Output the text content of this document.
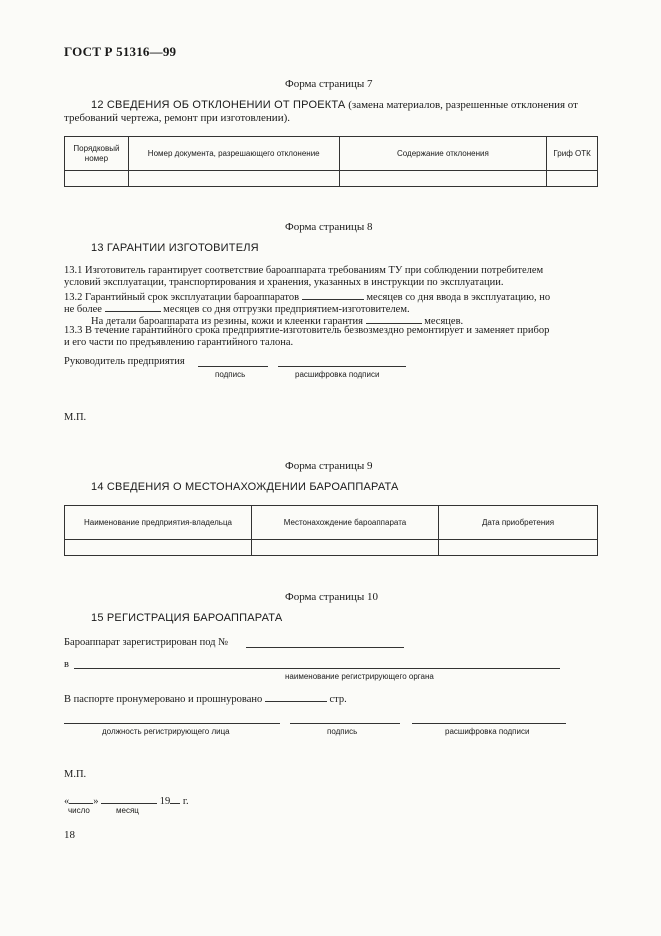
ГОСТ Р 51316—99
Форма страницы 7
12 СВЕДЕНИЯ ОБ ОТКЛОНЕНИИ ОТ ПРОЕКТА (замена материалов, разрешенные отклонения от
требований чертежа, ремонт при изготовлении).
Порядковый номер	Номер документа, разрешающего отклонение	Содержание отклонения	Гриф ОТК

Форма страницы 8
13 ГАРАНТИИ ИЗГОТОВИТЕЛЯ
13.1 Изготовитель гарантирует соответствие бароаппарата требованиям ТУ при соблюдении потребителем
условий эксплуатации, транспортирования и хранения, указанных в инструкции по эксплуатации.
13.2 Гарантийный срок эксплуатации бароаппаратов	месяцев со дня ввода в эксплуатацию, но
не более	месяцев со дня отгрузки предприятием-изготовителем.
На детали бароаппарата из резины, кожи и клеенки гарантия	месяцев.
13.3 В течение гарантийного срока предприятие-изготовитель безвозмездно ремонтирует и заменяет прибор
и его части по предъявлению гарантийного талона.
Руководитель предприятия
подпись	расшифровка подписи
М.П.
Форма страницы 9
14 СВЕДЕНИЯ О МЕСТОНАХОЖДЕНИИ БАРОАППАРАТА
Наименование предприятия-владельца	Местонахождение бароаппарата	Дата приобретения

Форма страницы 10
15 РЕГИСТРАЦИЯ БАРОАППАРАТА
Бароаппарат зарегистрирован под №
в
наименование регистрирующего органа
В паспорте пронумеровано и прошнуровано	стр.
должность регистрирующего лица	подпись	расшифровка подписи
М.П.
« »	19 г.
число	месяц
18
